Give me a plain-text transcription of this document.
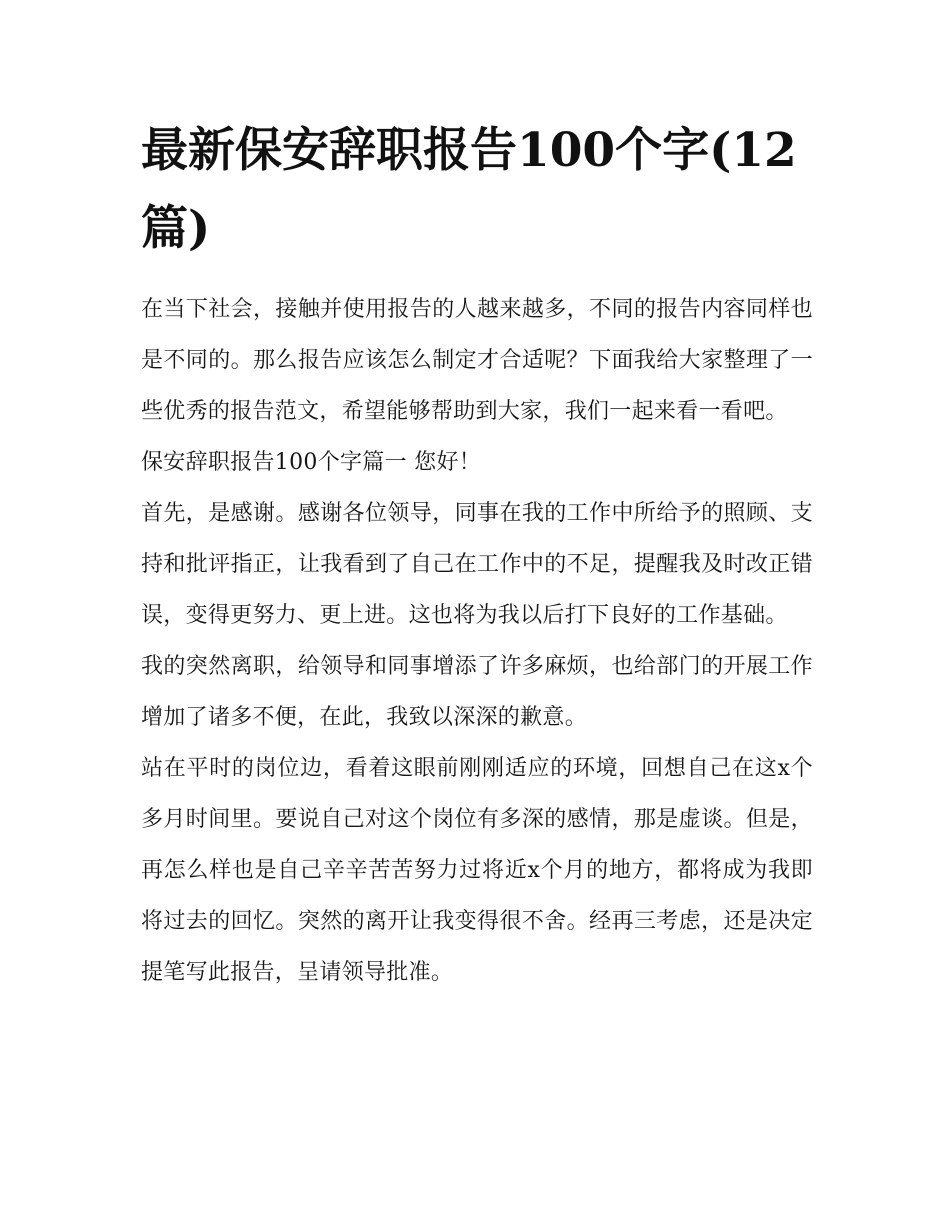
最新保安辞职报告100个字(12篇)

在当下社会，接触并使用报告的人越来越多，不同的报告内容同样也是不同的。那么报告应该怎么制定才合适呢？下面我给大家整理了一些优秀的报告范文，希望能够帮助到大家，我们一起来看一看吧。

保安辞职报告100个字篇一 您好！

首先，是感谢。感谢各位领导，同事在我的工作中所给予的照顾、支持和批评指正，让我看到了自己在工作中的不足，提醒我及时改正错误，变得更努力、更上进。这也将为我以后打下良好的工作基础。

我的突然离职，给领导和同事增添了许多麻烦，也给部门的开展工作增加了诸多不便，在此，我致以深深的歉意。

站在平时的岗位边，看着这眼前刚刚适应的环境，回想自己在这x个多月时间里。要说自己对这个岗位有多深的感情，那是虚谈。但是，再怎么样也是自己辛辛苦苦努力过将近x个月的地方，都将成为我即将过去的回忆。突然的离开让我变得很不舍。经再三考虑，还是决定提笔写此报告，呈请领导批准。
